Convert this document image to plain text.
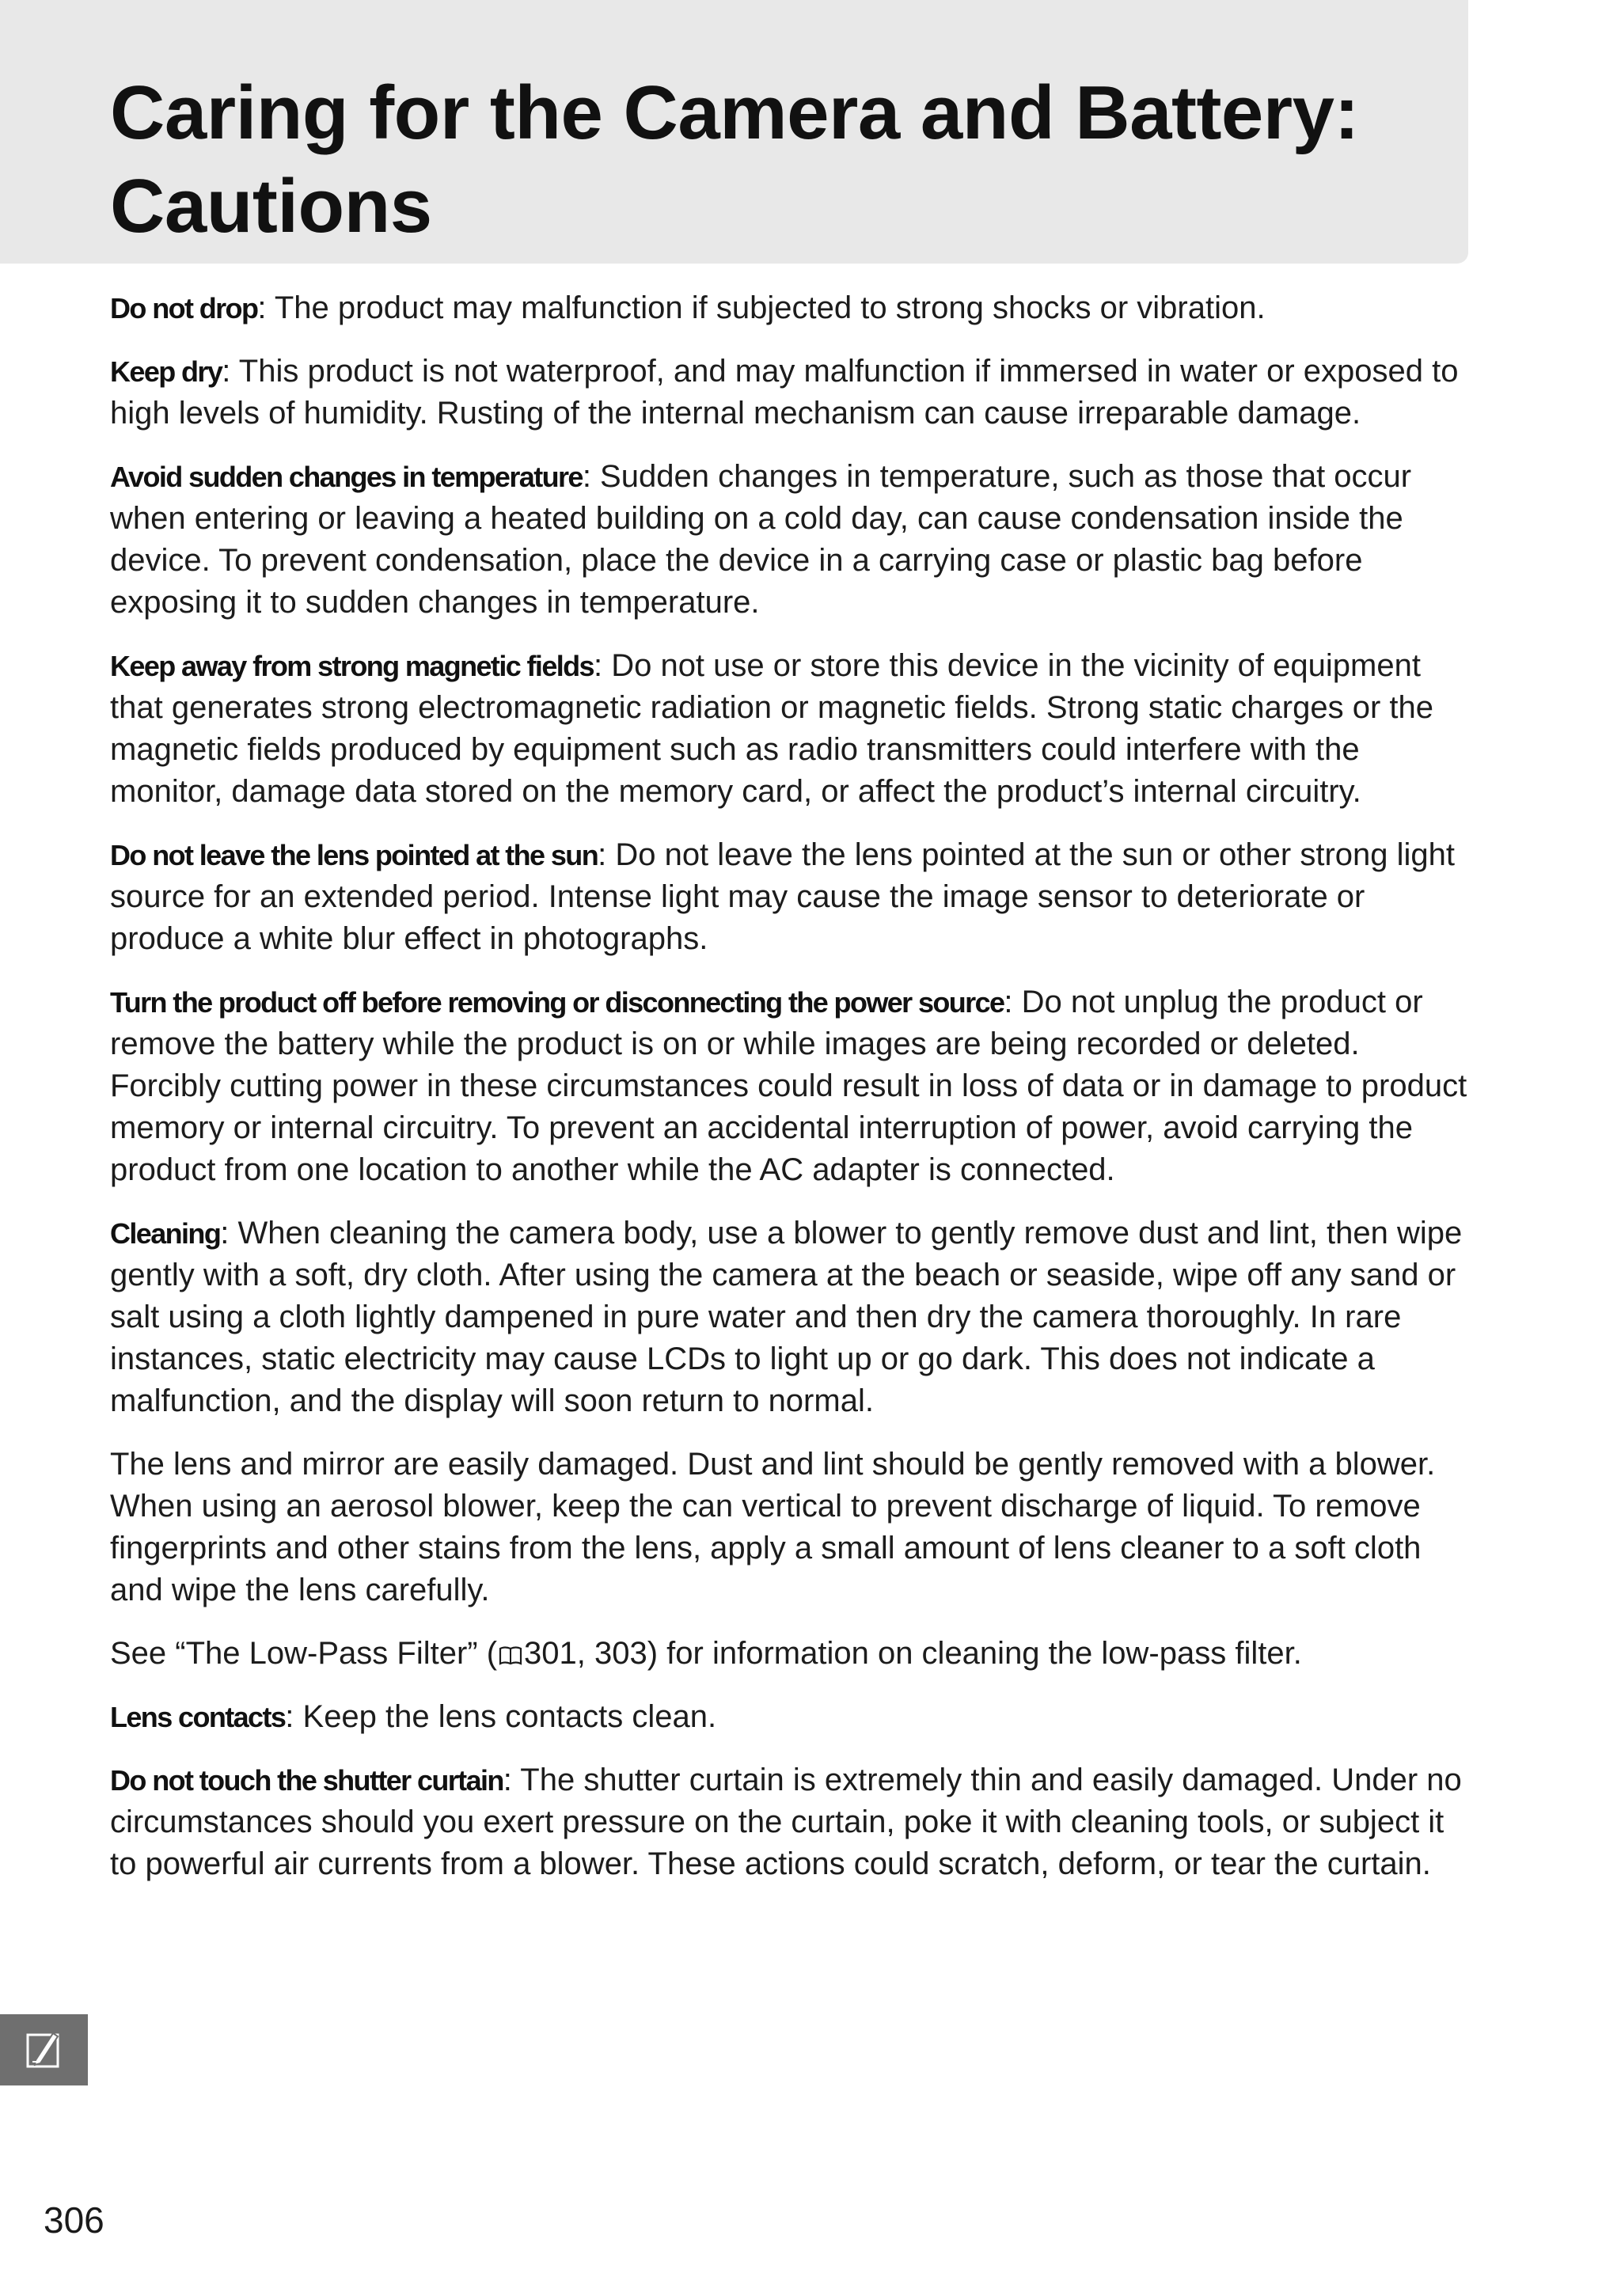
Caring for the Camera and Battery:
Cautions

Do not drop: The product may malfunction if subjected to strong shocks or vibration.

Keep dry: This product is not waterproof, and may malfunction if immersed in water or exposed to high levels of humidity. Rusting of the internal mechanism can cause irreparable damage.

Avoid sudden changes in temperature: Sudden changes in temperature, such as those that occur when entering or leaving a heated building on a cold day, can cause condensation inside the device. To prevent condensation, place the device in a carrying case or plastic bag before exposing it to sudden changes in temperature.

Keep away from strong magnetic fields: Do not use or store this device in the vicinity of equipment that generates strong electromagnetic radiation or magnetic fields. Strong static charges or the magnetic fields produced by equipment such as radio transmitters could interfere with the monitor, damage data stored on the memory card, or affect the product’s internal circuitry.

Do not leave the lens pointed at the sun: Do not leave the lens pointed at the sun or other strong light source for an extended period. Intense light may cause the image sensor to deteriorate or produce a white blur effect in photographs.

Turn the product off before removing or disconnecting the power source: Do not unplug the product or remove the battery while the product is on or while images are being recorded or deleted. Forcibly cutting power in these circumstances could result in loss of data or in damage to product memory or internal circuitry. To prevent an accidental interruption of power, avoid carrying the product from one location to another while the AC adapter is connected.

Cleaning: When cleaning the camera body, use a blower to gently remove dust and lint, then wipe gently with a soft, dry cloth. After using the camera at the beach or seaside, wipe off any sand or salt using a cloth lightly dampened in pure water and then dry the camera thoroughly. In rare instances, static electricity may cause LCDs to light up or go dark. This does not indicate a malfunction, and the display will soon return to normal.

The lens and mirror are easily damaged. Dust and lint should be gently removed with a blower. When using an aerosol blower, keep the can vertical to prevent discharge of liquid. To remove fingerprints and other stains from the lens, apply a small amount of lens cleaner to a soft cloth and wipe the lens carefully.

See “The Low-Pass Filter” ( 301, 303) for information on cleaning the low-pass filter.

Lens contacts: Keep the lens contacts clean.

Do not touch the shutter curtain: The shutter curtain is extremely thin and easily damaged. Under no circumstances should you exert pressure on the curtain, poke it with cleaning tools, or subject it to powerful air currents from a blower. These actions could scratch, deform, or tear the curtain.

306
